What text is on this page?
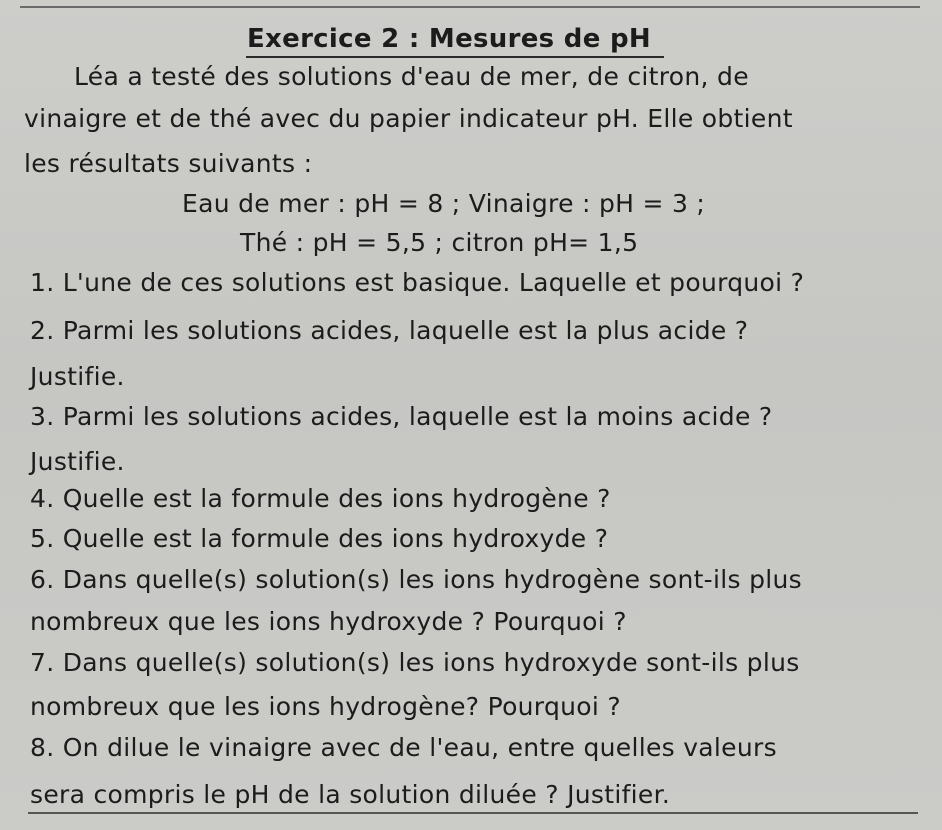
Exercice 2 : Mesures de pH
Léa a testé des solutions d'eau de mer, de citron, de
vinaigre et de thé avec du papier indicateur pH. Elle obtient
les résultats suivants :
Eau de mer : pH = 8 ; Vinaigre : pH = 3 ;
Thé : pH = 5,5 ; citron pH= 1,5
1. L'une de ces solutions est basique. Laquelle et pourquoi ?
2. Parmi les solutions acides, laquelle est la plus acide ?
Justifie.
3. Parmi les solutions acides, laquelle est la moins acide ?
Justifie.
4. Quelle est la formule des ions hydrogène ?
5. Quelle est la formule des ions hydroxyde ?
6. Dans quelle(s) solution(s) les ions hydrogène sont-ils plus
nombreux que les ions hydroxyde ? Pourquoi ?
7. Dans quelle(s) solution(s) les ions hydroxyde sont-ils plus
nombreux que les ions hydrogène? Pourquoi ?
8. On dilue le vinaigre avec de l'eau, entre quelles valeurs
sera compris le pH de la solution diluée ? Justifier.
